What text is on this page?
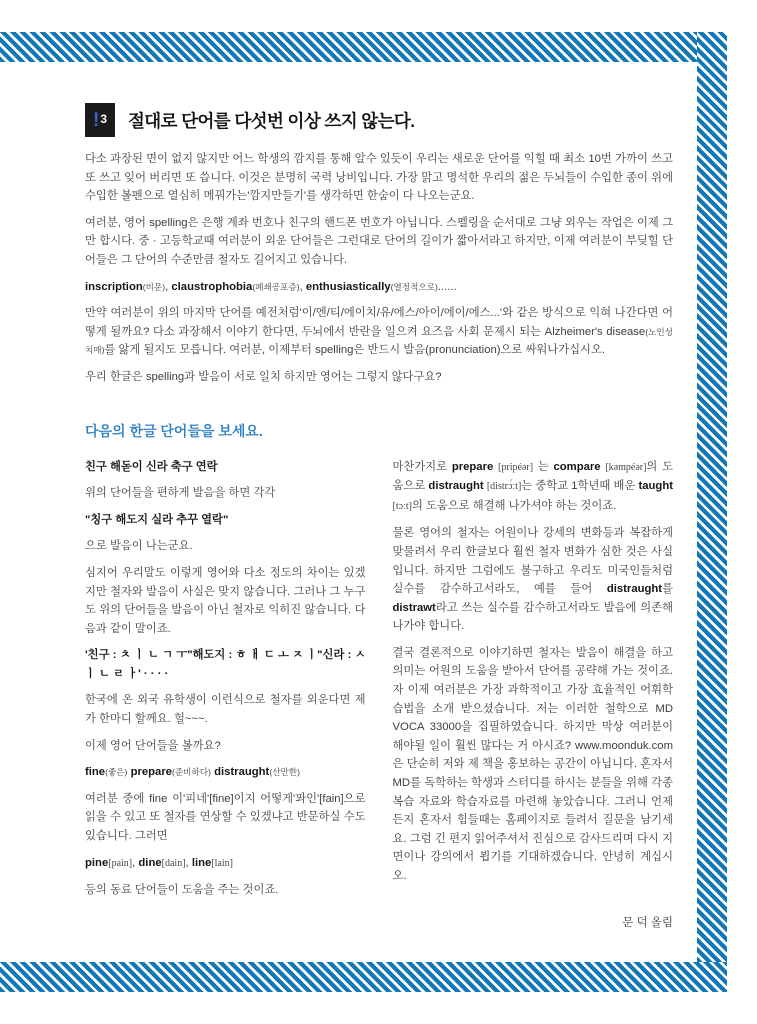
! 3 절대로 단어를 다섯번 이상 쓰지 않는다.

다소 과장된 면이 없지 않지만 어느 학생의 깜지를 통해 알수 있듯이 우리는 새로운 단어를 익힐 때 최소 10번 가까이 쓰고 또 쓰고 잊어 버리면 또 씁니다. 이것은 분명히 국력 낭비입니다. 가장 맑고 명석한 우리의 젊은 두뇌들이 수입한 종이 위에 수입한 볼펜으로 열심히 메꿔가는'깜지만들기'를 생각하면 한숨이 다 나오는군요.

여러분, 영어 spelling은 은행 계좌 번호나 친구의 핸드폰 번호가 아닙니다. 스펠링을 순서대로 그냥 외우는 작업은 이제 그만 합시다. 중 · 고등학교때 여러분이 외운 단어들은 그런대로 단어의 길이가 짧아서라고 하지만, 이제 여러분이 부딪힐 단어들은 그 단어의 수준만큼 철자도 길어지고 있습니다.

inscription(비문), claustrophobia(폐쇄공포증), enthusiastically(열정적으로)......

만약 여러분이 위의 마지막 단어를 예전처럼'이/엔/티/에이치/유/에스/아이/에이/에스...'와 같은 방식으로 익혀 나간다면 어떻게 될까요? 다소 과장해서 이야기 한다면, 두뇌에서 반란을 일으켜 요즈음 사회 문제시 되는 Alzheimer's disease(노인성 치매)를 앓게 될지도 모릅니다. 여러분, 이제부터 spelling은 반드시 발음(pronunciation)으로 싸워나가십시오.

우리 한글은 spelling과 발음이 서로 일치 하지만 영어는 그렇지 않다구요?

다음의 한글 단어들을 보세요.

친구 해돋이 신라 축구 연락

위의 단어들을 편하게 발음을 하면 각각

"칭구 해도지 실라 추꾸 열락"

으로 발음이 나는군요.

심지어 우리말도 이렇게 영어와 다소 정도의 차이는 있겠지만 철자와 발음이 사실은 맞지 않습니다. 그러나 그 누구도 위의 단어들을 발음이 아닌 철자로 익히진 않습니다. 다음과 같이 말이죠.

'친구 : ㅊ ㅣ ㄴ ㄱ ㅜ"해도지 : ㅎ ㅐ ㄷ ㅗ ㅈ ㅣ"신라 : ㅅ ㅣ ㄴ ㄹ ㅏ' · · · ·

한국에 온 외국 유학생이 이런식으로 철자를 외운다면 제가 한마디 할께요. 헐~~~.

이제 영어 단어들을 볼까요?

fine(좋은) prepare(준비하다) distraught(산만한)

여러분 중에 fine 이'피네'[fine]이지 어떻게'퐈인'[fain]으로 읽을 수 있고 또 철자를 연상할 수 있겠냐고 반문하실 수도 있습니다. 그러면

pine[pain], dine[dain], line[lain]

등의 동료 단어들이 도움을 주는 것이죠.

마찬가지로 prepare [pripéər] 는 compare [kəmpéər]의 도움으로 distraught [distrɔ́ːt]는 중학교 1학년때 배운 taught [tɔːt]의 도움으로 해결해 나가셔야 하는 것이죠.

물론 영어의 철자는 어원이나 강세의 변화등과 복잡하게 맞물려서 우리 한글보다 훨씬 철자 변화가 심한 것은 사실입니다. 하지만 그럼에도 불구하고 우리도 미국인들처럼 실수를 감수하고서라도, 예를 들어 distraught를 distrawt라고 쓰는 실수를 감수하고서라도 발음에 의존해 나가야 합니다.

결국 결론적으로 이야기하면 철자는 발음이 해결을 하고 의미는 어원의 도움을 받아서 단어를 공략해 가는 것이죠. 자 이제 여러분은 가장 과학적이고 가장 효율적인 어휘학습법을 소개 받으셨습니다. 저는 이러한 철학으로 MD VOCA 33000을 집필하였습니다. 하지만 막상 여러분이 해야될 일이 훨씬 많다는 거 아시죠? www.moonduk.com은 단순히 저와 제 책을 홍보하는 공간이 아닙니다. 혼자서 MD를 독학하는 학생과 스터디를 하시는 분들을 위해 각종 복습 자료와 학습자료를 마련해 놓았습니다. 그러니 언제든지 혼자서 힘들때는 홈페이지로 들려서 질문을 남기세요. 그럼 긴 편지 읽어주셔서 진심으로 감사드리며 다시 지면이나 강의에서 뵙기를 기대하겠습니다. 안녕히 계십시오.

문 덕 올림
